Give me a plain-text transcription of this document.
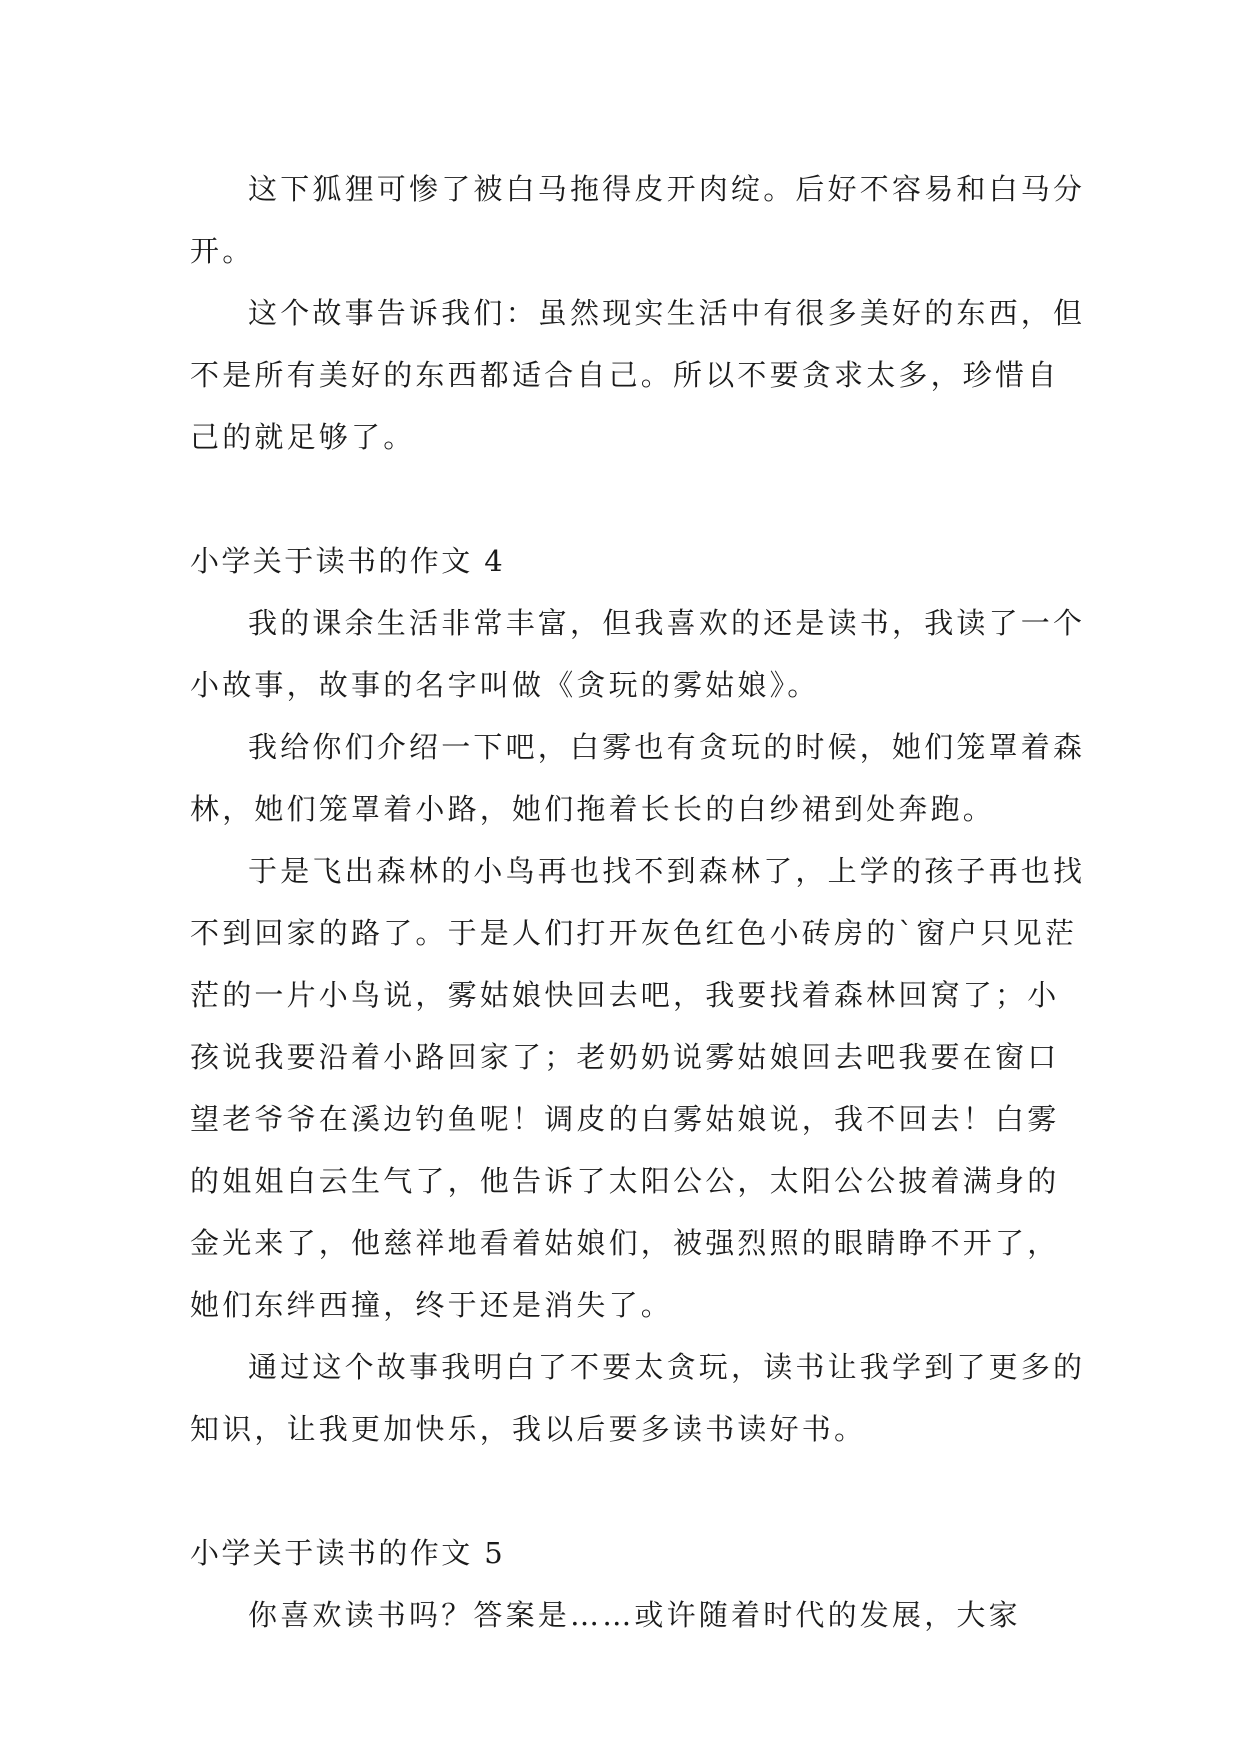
这下狐狸可惨了被白马拖得皮开肉绽。后好不容易和白马分开。

这个故事告诉我们：虽然现实生活中有很多美好的东西，但不是所有美好的东西都适合自己。所以不要贪求太多，珍惜自己的就足够了。

小学关于读书的作文 4

我的课余生活非常丰富，但我喜欢的还是读书，我读了一个小故事，故事的名字叫做《贪玩的雾姑娘》。

我给你们介绍一下吧，白雾也有贪玩的时候，她们笼罩着森林，她们笼罩着小路，她们拖着长长的白纱裙到处奔跑。

于是飞出森林的小鸟再也找不到森林了，上学的孩子再也找不到回家的路了。于是人们打开灰色红色小砖房的`窗户只见茫茫的一片小鸟说，雾姑娘快回去吧，我要找着森林回窝了；小孩说我要沿着小路回家了；老奶奶说雾姑娘回去吧我要在窗口望老爷爷在溪边钓鱼呢！调皮的白雾姑娘说，我不回去！白雾的姐姐白云生气了，他告诉了太阳公公，太阳公公披着满身的金光来了，他慈祥地看着姑娘们，被强烈照的眼睛睁不开了，她们东绊西撞，终于还是消失了。

通过这个故事我明白了不要太贪玩，读书让我学到了更多的知识，让我更加快乐，我以后要多读书读好书。

小学关于读书的作文 5

你喜欢读书吗？答案是……或许随着时代的发展，大家
